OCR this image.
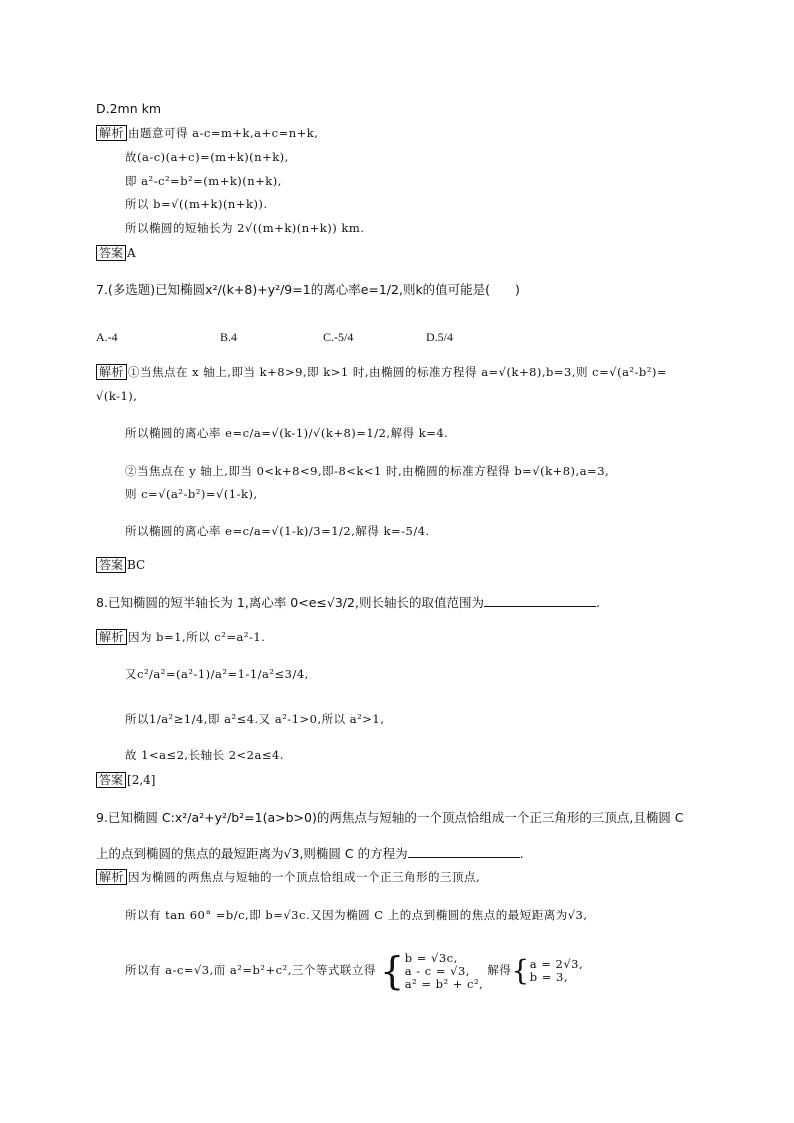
D.2mn km
解析 由题意可得 a-c=m+k,a+c=n+k,
故(a-c)(a+c)=(m+k)(n+k),
即 a²-c²=b²=(m+k)(n+k),
所以 b=√((m+k)(n+k)).
所以椭圆的短轴长为 2√((m+k)(n+k)) km.
答案 A
7.(多选题)已知椭圆x²/(k+8)+y²/9=1的离心率e=1/2,则k的值可能是(　　)
A.-4	B.4	C.-5/4	D.5/4
解析 ①当焦点在 x 轴上,即当 k+8>9,即 k>1 时,由椭圆的标准方程得 a=√(k+8),b=3,则 c=√(a²-b²)=
√(k-1),
所以椭圆的离心率 e=c/a=√(k-1)/√(k+8)=1/2,解得 k=4.
②当焦点在 y 轴上,即当 0<k+8<9,即-8<k<1 时,由椭圆的标准方程得 b=√(k+8),a=3,
则 c=√(a²-b²)=√(1-k),
所以椭圆的离心率 e=c/a=√(1-k)/3=1/2,解得 k=-5/4.
答案 BC
8.已知椭圆的短半轴长为 1,离心率 0<e≤√3/2,则长轴长的取值范围为	.
解析 因为 b=1,所以 c²=a²-1.
又c²/a²=(a²-1)/a²=1-1/a²≤3/4,
所以1/a²≥1/4,即 a²≤4.又 a²-1>0,所以 a²>1,
故 1<a≤2,长轴长 2<2a≤4.
答案 [2,4]
9.已知椭圆 C:x²/a²+y²/b²=1(a>b>0)的两焦点与短轴的一个顶点恰组成一个正三角形的三顶点,且椭圆 C
上的点到椭圆的焦点的最短距离为√3,则椭圆 C 的方程为	.
解析 因为椭圆的两焦点与短轴的一个顶点恰组成一个正三角形的三顶点,
所以有 tan 60° =b/c,即 b=√3c.又因为椭圆 C 上的点到椭圆的焦点的最短距离为√3,
所以有 a-c=√3,而 a²=b²+c²,三个等式联立得 { b = √3c,
a - c = √3,
a² = b² + c²,
解得{ a = 2√3,
b = 3,
